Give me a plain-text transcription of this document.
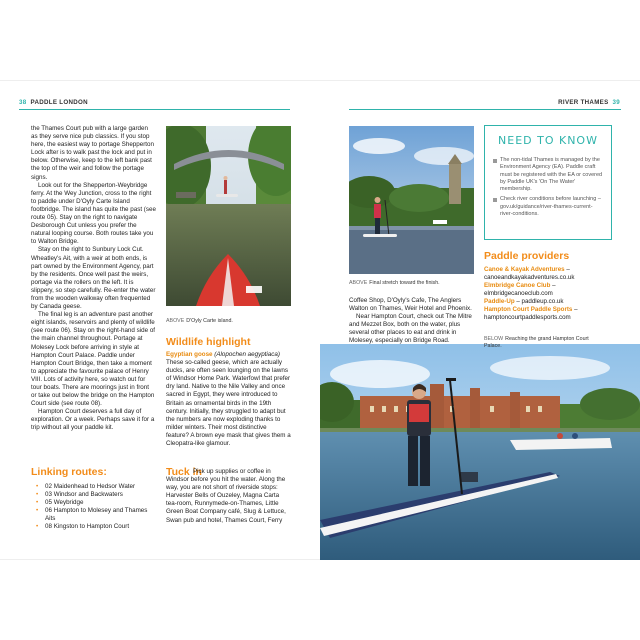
38 PADDLE LONDON	RIVER THAMES 39

the Thames Court pub with a large garden as they serve nice pub classics. If you stop here, the easiest way to portage Shepperton Lock after is to walk past the lock and put in below. Otherwise, keep to the left bank past the top of the weir and follow the portage signs.

Look out for the Shepperton-Weybridge ferry. At the Wey Junction, cross to the right to paddle under D'Oyly Carte Island footbridge. The island has quite the past (see route 05). Stay on the right to navigate Desborough Cut unless you prefer the natural looping course. Both routes take you to Walton Bridge.

Stay on the right to Sunbury Lock Cut. Wheatley's Ait, with a weir at both ends, is part owned by the Environment Agency, part by the residents. Once well past the weirs, portage via the rollers on the left. It is slippery, so step carefully. Re-enter the water from the wooden walkway often frequented by Canada geese.

The final leg is an adventure past another eight islands, reservoirs and plenty of wildlife (see route 06). Stay on the right-hand side of the main channel throughout. Portage at Molesey Lock before arriving in style at Hampton Court Palace. Paddle under Hampton Court Bridge, then take a moment to appreciate the favourite palace of Henry VIII. Lots of activity here, so watch out for tour boats. There are moorings just in front or take out below the bridge on the Hampton Court side (see route 08).

Hampton Court deserves a full day of exploration. Or a week. Perhaps save it for a trip without all your paddle kit.

Linking routes:
• 02 Maidenhead to Hedsor Water
• 03 Windsor and Backwaters
• 05 Weybridge
• 06 Hampton to Molesey and Thames Aits
• 08 Kingston to Hampton Court
ABOVE D'Oyly Carte island.
Wildlife highlight
Egyptian goose (Alopochen aegyptiaca) These so-called geese, which are actually ducks, are often seen lounging on the lawns of Windsor Home Park. Waterfowl that prefer dry land. Native to the Nile Valley and once sacred in Egypt, they were introduced to Britain as ornamental birds in the 19th century. Initially, they struggled to adapt but the numbers are now exploding thanks to milder winters. Their most distinctive feature? A brown eye mask that gives them a Cleopatra-like glamour.
Tuck in
Pick up supplies or coffee in Windsor before you hit the water. Along the way, you are not short of riverside stops: Harvester Bells of Ouzeley, Magna Carta tea-room, Runnymede-on-Thames, Little Green Boat Company café, Slug & Lettuce, Swan pub and hotel, Thames Court, Ferry
ABOVE Final stretch toward the finish.

Coffee Shop, D'Oyly's Cafe, The Anglers Walton on Thames, Weir Hotel and Phoenix.

Near Hampton Court, check out The Mitre and Mezzet Box, both on the water, plus several other places to eat and drink in Molesey, especially on Bridge Road.

NEED TO KNOW
The non-tidal Thames is managed by the Environment Agency (EA). Paddle craft must be registered with the EA or covered by Paddle UK's 'On The Water' membership.
Check river conditions before launching – gov.uk/guidance/river-thames-current-river-conditions.
Paddle providers
Canoe & Kayak Adventures –
canoeandkayakadventures.co.uk
Elmbridge Canoe Club –
elmbridgecanoeclub.com
Paddle-Up – paddleup.co.uk
Hampton Court Paddle Sports –
hamptoncourtpaddlesports.com
BELOW Reaching the grand Hampton Court Palace.
